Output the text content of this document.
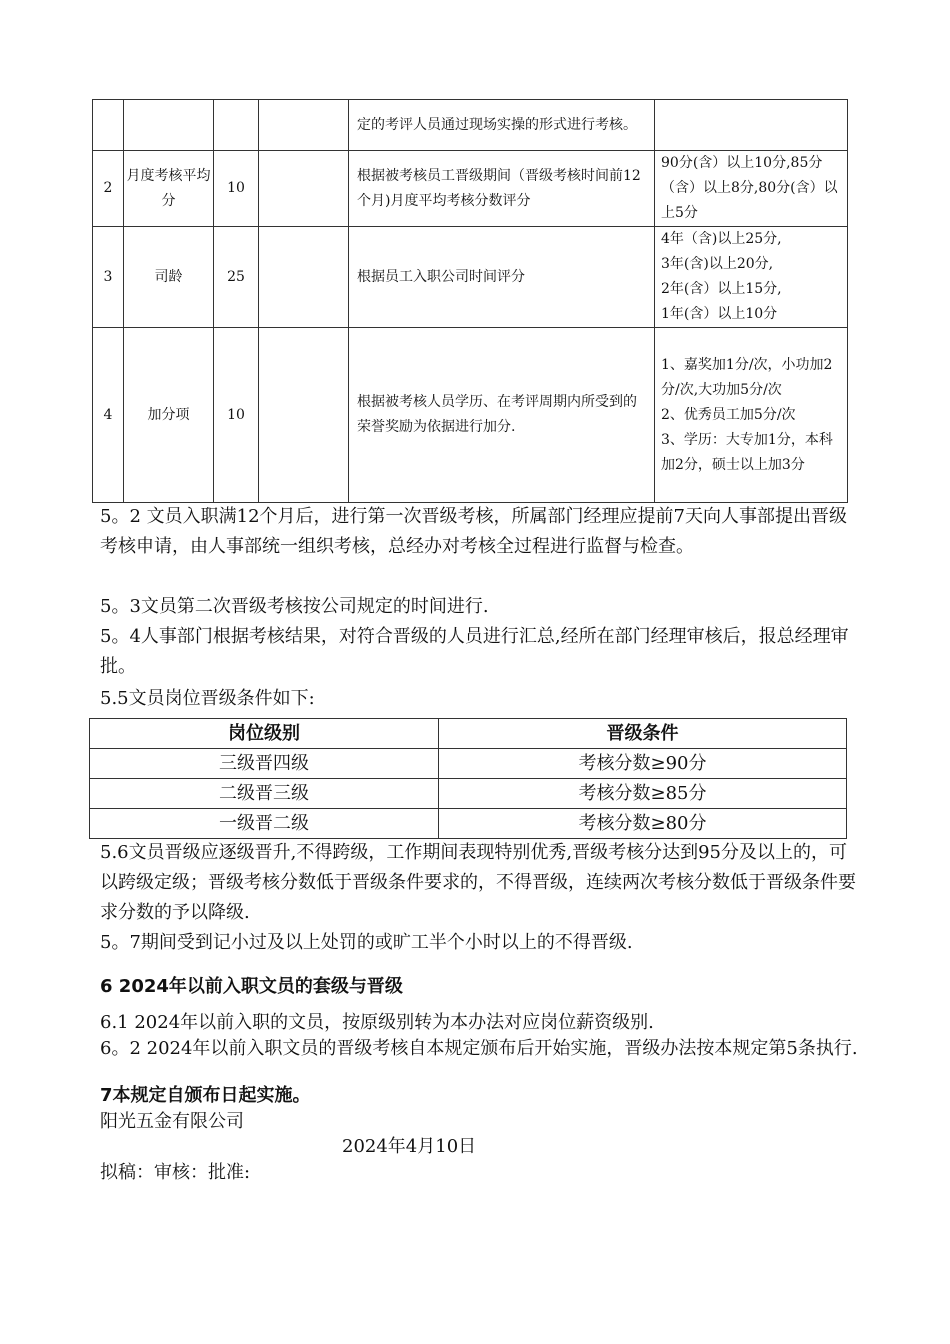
				定的考评人员通过现场实操的形式进行考核。	
2	月度考核平均分	10		根据被考核员工晋级期间（晋级考核时间前12个月)月度平均考核分数评分	90分(含）以上10分,85分（含）以上8分,80分(含）以上5分
3	司龄	25		根据员工入职公司时间评分	4年（含)以上25分,
3年(含)以上20分,
2年(含）以上15分,
1年(含）以上10分
4	加分项	10		根据被考核人员学历、在考评周期内所受到的荣誉奖励为依据进行加分.	1、嘉奖加1分/次，小功加2分/次,大功加5分/次
2、优秀员工加5分/次
3、学历：大专加1分，本科加2分，硕士以上加3分
5。2 文员入职满12个月后，进行第一次晋级考核，所属部门经理应提前7天向人事部提出晋级考核申请，由人事部统一组织考核，总经办对考核全过程进行监督与检查。
5。3文员第二次晋级考核按公司规定的时间进行.
5。4人事部门根据考核结果，对符合晋级的人员进行汇总,经所在部门经理审核后，报总经理审批。
5.5文员岗位晋级条件如下:
岗位级别	晋级条件
三级晋四级	考核分数≥90分
二级晋三级	考核分数≥85分
一级晋二级	考核分数≥80分
5.6文员晋级应逐级晋升,不得跨级，工作期间表现特别优秀,晋级考核分达到95分及以上的，可以跨级定级；晋级考核分数低于晋级条件要求的，不得晋级，连续两次考核分数低于晋级条件要求分数的予以降级.
5。7期间受到记小过及以上处罚的或旷工半个小时以上的不得晋级.
6 2024年以前入职文员的套级与晋级
6.1 2024年以前入职的文员，按原级别转为本办法对应岗位薪资级别.
6。2 2024年以前入职文员的晋级考核自本规定颁布后开始实施，晋级办法按本规定第5条执行.
7本规定自颁布日起实施。
阳光五金有限公司
2024年4月10日
拟稿：审核：批准:
